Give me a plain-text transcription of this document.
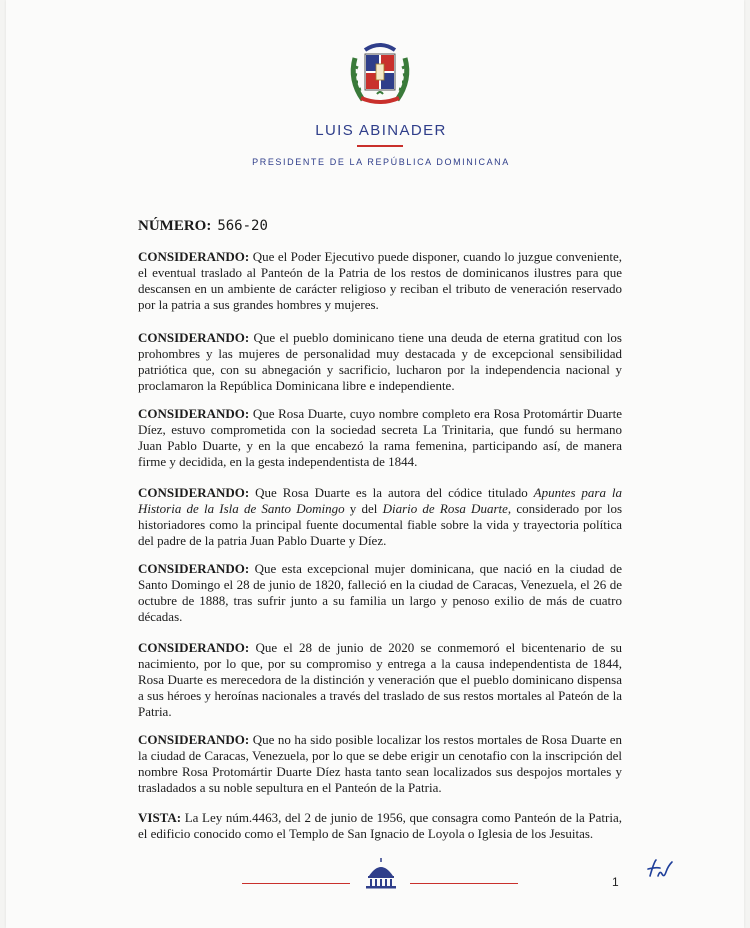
LUIS ABINADER
PRESIDENTE DE LA REPÚBLICA DOMINICANA
NÚMERO: 566-20
CONSIDERANDO: Que el Poder Ejecutivo puede disponer, cuando lo juzgue conveniente, el eventual traslado al Panteón de la Patria de los restos de dominicanos ilustres para que descansen en un ambiente de carácter religioso y reciban el tributo de veneración reservado por la patria a sus grandes hombres y mujeres.
CONSIDERANDO: Que el pueblo dominicano tiene una deuda de eterna gratitud con los prohombres y las mujeres de personalidad muy destacada y de excepcional sensibilidad patriótica que, con su abnegación y sacrificio, lucharon por la independencia nacional y proclamaron la República Dominicana libre e independiente.
CONSIDERANDO: Que Rosa Duarte, cuyo nombre completo era Rosa Protomártir Duarte Díez, estuvo comprometida con la sociedad secreta La Trinitaria, que fundó su hermano Juan Pablo Duarte, y en la que encabezó la rama femenina, participando así, de manera firme y decidida, en la gesta independentista de 1844.
CONSIDERANDO: Que Rosa Duarte es la autora del códice titulado Apuntes para la Historia de la Isla de Santo Domingo y del Diario de Rosa Duarte, considerado por los historiadores como la principal fuente documental fiable sobre la vida y trayectoria política del padre de la patria Juan Pablo Duarte y Díez.
CONSIDERANDO: Que esta excepcional mujer dominicana, que nació en la ciudad de Santo Domingo el 28 de junio de 1820, falleció en la ciudad de Caracas, Venezuela, el 26 de octubre de 1888, tras sufrir junto a su familia un largo y penoso exilio de más de cuatro décadas.
CONSIDERANDO: Que el 28 de junio de 2020 se conmemoró el bicentenario de su nacimiento, por lo que, por su compromiso y entrega a la causa independentista de 1844, Rosa Duarte es merecedora de la distinción y veneración que el pueblo dominicano dispensa a sus héroes y heroínas nacionales a través del traslado de sus restos mortales al Pateón de la Patria.
CONSIDERANDO: Que no ha sido posible localizar los restos mortales de Rosa Duarte en la ciudad de Caracas, Venezuela, por lo que se debe erigir un cenotafio con la inscripción del nombre Rosa Protomártir Duarte Díez hasta tanto sean localizados sus despojos mortales y trasladados a su noble sepultura en el Panteón de la Patria.
VISTA: La Ley núm.4463, del 2 de junio de 1956, que consagra como Panteón de la Patria, el edificio conocido como el Templo de San Ignacio de Loyola o Iglesia de los Jesuitas.
1
